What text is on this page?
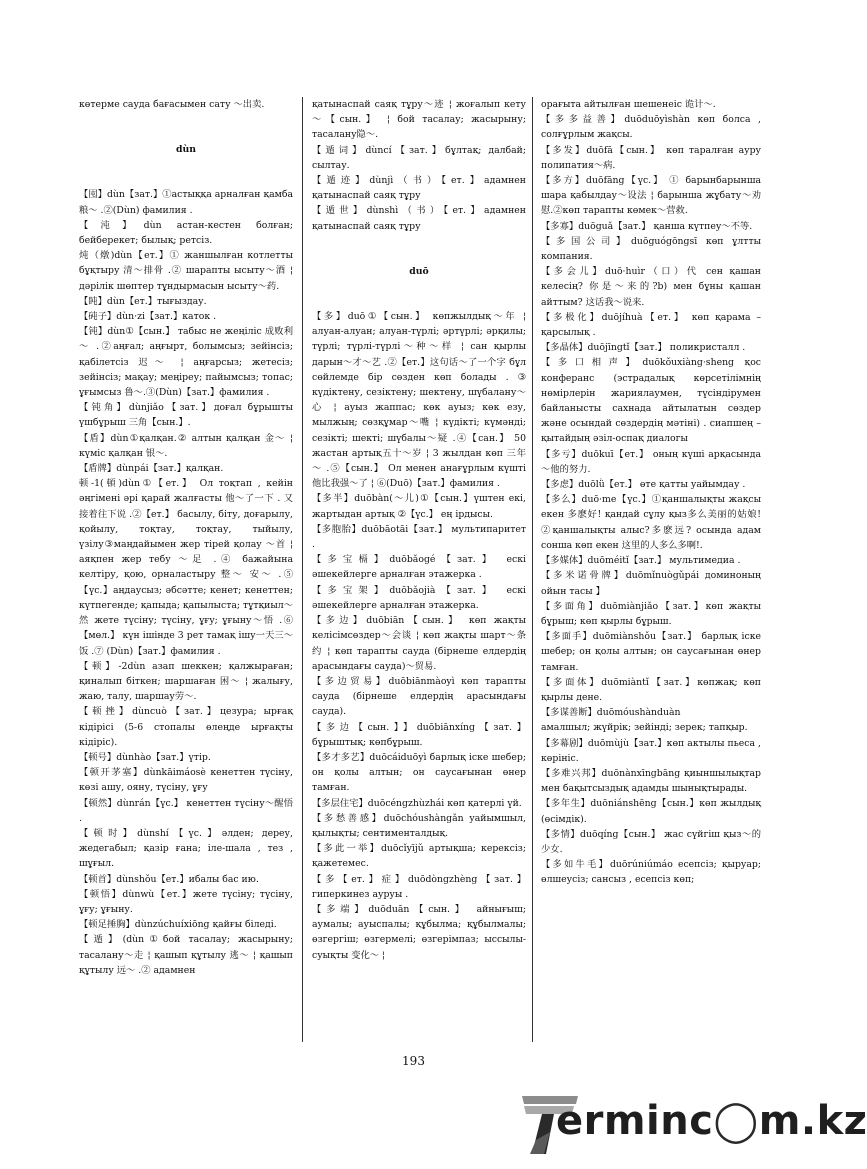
көтерме саудa бағасымен сату ～出卖.
dùn
【囤】dùn【зат.】①астыққа арналған қамба 粮～ .②(Dùn) фамилия .
【沌】dùn астан-кестен болған; бейберекет; былық; ретсіз.
炖（燉)dùn【ет.】① жаншылған котлетты бұқтыру 清～排骨 .② шарапты ысыту～酒 ¦ дәрілік шөптер тұндырмасын ысыту～药.
【盹】dùn【ет.】тығыздау.
【砘子】dùn·zi【зат.】каток .
【钝】dùn①【сын.】 табыс не жеңіліс 成败利～ .②аңғал; аңғырт, болымсыз; зейінсіз; қабілетсіз 迟～ ¦ аңғарсыз; жетесіз; зейінсіз; мақау; меңіреу; пайымсыз; топас; ұғымсыз 鲁～.③(Dùn)【зат.】фамилия .
【钝角】dùnjiǎo【зат.】доғал бұрышты үшбұрыш 三角【сын.】.
【盾】dùn①қалқан.② алтын қалқан 金～ ¦ күміс қалқан 银～.
【盾牌】dùnpái【зат.】қалқан.
顿-1(頓)dùn①【ет.】 Ол тоқтап , кейін әңгімені әрі қарай жалғасты 他～了一下 . 又接着往下说 .②【ет.】 басылу, біту, доғарылу, қойылу, тоқтау, тоқтау, тыйылу, үзілу③маңдайымен жер тірей қолау ～首 ¦ аяқпен жер тебу ～足 .④ бажайына келтіру, қою, орналастыру 整～ 安～ .⑤【үс.】аңдаусыз; әбсәтте; кенет; кенеттен; күтпегенде; қапыда; қапылыста; тұтқиыл～然 жете түсіну; түсіну, ұғу; ұғыну～悟 .⑥【мөл.】 күн ішінде 3 рет тамақ ішу一天三～饭 .⑦ (Dùn)【зат.】фамилия .
【顿】-2dùn азап шеккен; қалжыраған; қиналып біткен; шаршаған 困～ ¦ жалығу, жаю, талу, шаршау劳～.
【顿挫】dùncuò【зат.】цезура; ырғақ кідірісі (5-6 стопалы өлеңде ырғақты кідіріс).
【顿号】dùnhào【зат.】үтір.
【顿开茅塞】dùnkāimáosè кенеттен түсіну, көзі ашу, ояну, түсіну, ұғу
【顿然】dùnrán【үс.】 кенеттен түсіну～醒悟 .
【顿时】dùnshí【үс.】әлден; дереу, жедегабыл; қазір ғана; іле-шала , тез , шұғыл.
【顿首】dùnshǒu【ет.】ибалы бас ию.
【顿悟】dùnwù【ет.】жете түсіну; түсіну, ұғу; ұғыну.
【顿足捶胸】dùnzúchuíxiōng қайғы біледі.
【遁】(dùn①бой тасалау; жасырыну; тасалану～走 ¦ қашып құтылу 逃～ ¦ қашып құтылу 远～ .② адамнен
қатынаспай саяқ тұру～迹 ¦ жоғалып кету ～【сын.】 ¦ бой тасалау; жасырыну; тасалану隐～.
【遁词】dùncí【зат.】бұлтақ; далбай; сылтау.
【遁迹】dùnjì（书）【ет.】адамнен қатынаспай саяқ тұру
【遁世】dùnshì（书）【ет.】адамнен қатынаспай саяқ тұру
duō
【多】duō①【сын.】 көпжылдық～年 ¦ алуан-алуан; алуан-түрлі; әртүрлі; әрқилы; түрлі; түрлі-түрлі～种～样 ¦ сан қырлы дарын～才～艺 .②【ет.】这句话～了一个字 бұл сөйлемде бір сөзден көп болады . ③ күдіктену, сезіктену; шектену, шүбалану～心 ¦ ауыз жаппас; көк ауыз; көк езу, мылжың; сөзқұмар～嘴 ¦ күдікті; күмәнді; сезікті; шекті; шүбалы～疑 .④【сан.】 50 жастан артық五十～岁 ¦ 3 жылдан көп 三年～ .⑤【сын.】 Ол менен анағұрлым күшті 他比我强～了 ¦ ⑥(Duō)【зат.】фамилия .
【多半】duōbàn(～儿)①【сын.】үштен екі, жартыдан артық ②【үс.】 ең ірдысы.
【多胞胎】duōbāotāi【зат.】 мультипаритет .
【多宝槅】duōbǎogé【зат.】 ескі әшекейлерге арналған этажерка .
【多宝架】duōbǎojià【зат.】 ескі әшекейлерге арналған этажерка.
【多边】duōbiān【сын.】 көп жақты келісімсөздер～会谈 ¦ көп жақты шарт～条约 ¦ көп тарапты сауда (бірнеше елдердің арасындағы сауда)～贸易.
【多边贸易】duōbiānmàoyì көп тарапты сауда (бірнеше елдердің арасындағы сауда).
【多边【сын.】】duōbiānxíng【зат.】 бұрыштық; көпбұрыш.
【多才多艺】duōcáiduōyì барлық іске шебер; он қолы алтын; он саусағынан өнер тамған.
【多层住宅】duōcéngzhùzhái көп қатерлі үй.
【多愁善感】duōchóushàngǎn уайымшыл, қылықты; сентименталдық.
【多此一举】duōcǐyījǔ артықша; керексіз; қажетемес.
【多【ет.】症】duōdòngzhèng【зат.】 гиперкинез ауруы .
【多端】duōduān【сын.】 айнығыш; аумалы; ауыспалы; құбылма; құбылмалы; өзгергіш; өзгермелі; өзгерімпаз; ыссылы-суықты 变化～ ¦
орағыта айтылған шешенеіс 诡计～.
【多多益善】duōduōyìshàn көп болса , солғұрлым жақсы.
【多发】duōfā【сын.】 көп таралған ауру полипатия～病.
【多方】duōfāng【үс.】 ① барынбарынша шара қабылдау～设法 ¦ барынша жұбату～劝慰.②көп тарапты көмек～营救.
【多寡】duōguǎ【зат.】 қанша күтпеу～不等.
【多国公司】duōguógōngsī көп ұлтты компания.
【多会儿】duō·huìr（口）代 сен қашан келесің? 你是～来的?b) мен бұны қашан айттым? 这话我～说来.
【多极化】duōjíhuà【ет.】 көп қарама – қарсылық .
【多晶体】duōjīngtǐ【зат.】 поликристалл .
【多口相声】duōkǒuxiàng·sheng қос конферанс (эстрадалық көрсетілімнің нөмірлерін жариялаумен, түсіндірумен байланысты сахнада айтылатын сөздер және осындай сөздердің мәтіні) . сиапшең – қытайдың әзіл-оспақ диалогы
【多亏】duōkuī【ет.】 оның күші арқасында ～他的努力.
【多虑】duōlǜ【ет.】 өте қатты уайымдау .
【多么】duō·me【үс.】①қаншалықты жақсы екен 多麽好! қандай сұлу қыз多么美丽的姑娘!②қаншалықты алыс?多麽远? осында адам сонша көп екен 这里的人多么多啊!.
【多媒体】duōméitǐ【зат.】 мультимедиа .
【多米诺骨牌】duōmǐnuògǔpái доминоның ойын тасы 】
【多面角】duōmiànjiǎo【зат.】көп жақты бұрыш; көп қырлы бұрыш.
【多面手】duōmiànshǒu【зат.】 барлық іске шебер; он қолы алтын; он саусағынан өнер тамған.
【多面体】duōmiàntǐ【зат.】көпжақ; көп қырлы дене.
【多谋善断】duōmóushànduàn
амалшыл; жүйрік; зейінді; зерек; тапқыр.
【多幕剧】duōmùjù【зат.】көп актылы пьеса , көрініс.
【多难兴邦】duōnànxīngbāng қиыншылықтар мен бақытсыздық адамды шынықтырады.
【多年生】duōniánshēng【сын.】көп жылдық (өсімдік).
【多情】duōqíng【сын.】 жас сүйгіш қыз～的少女.
【多如牛毛】duōrúniúmáo есепсіз; қыруар; өлшеусіз; сансыз , есепсіз көп;
193
erminc◯m.kz
